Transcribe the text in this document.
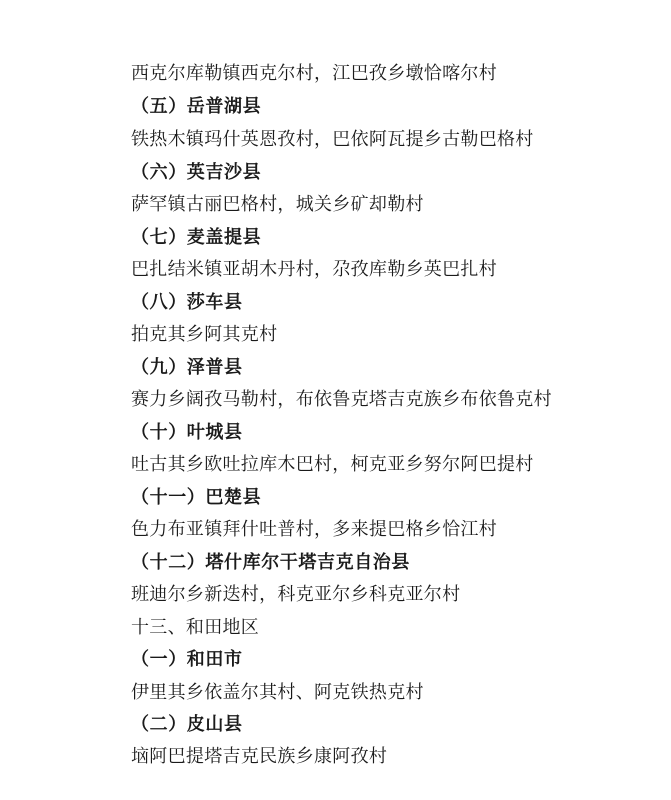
西克尔库勒镇西克尔村，江巴孜乡墩恰喀尔村
（五）岳普湖县
铁热木镇玛什英恩孜村，巴依阿瓦提乡古勒巴格村
（六）英吉沙县
萨罕镇古丽巴格村，城关乡矿却勒村
（七）麦盖提县
巴扎结米镇亚胡木丹村，尕孜库勒乡英巴扎村
（八）莎车县
拍克其乡阿其克村
（九）泽普县
赛力乡阔孜马勒村，布依鲁克塔吉克族乡布依鲁克村
（十）叶城县
吐古其乡欧吐拉库木巴村，柯克亚乡努尔阿巴提村
（十一）巴楚县
色力布亚镇拜什吐普村，多来提巴格乡恰江村
（十二）塔什库尔干塔吉克自治县
班迪尔乡新迭村，科克亚尔乡科克亚尔村
十三、和田地区
（一）和田市
伊里其乡依盖尔其村、阿克铁热克村
（二）皮山县
垴阿巴提塔吉克民族乡康阿孜村
